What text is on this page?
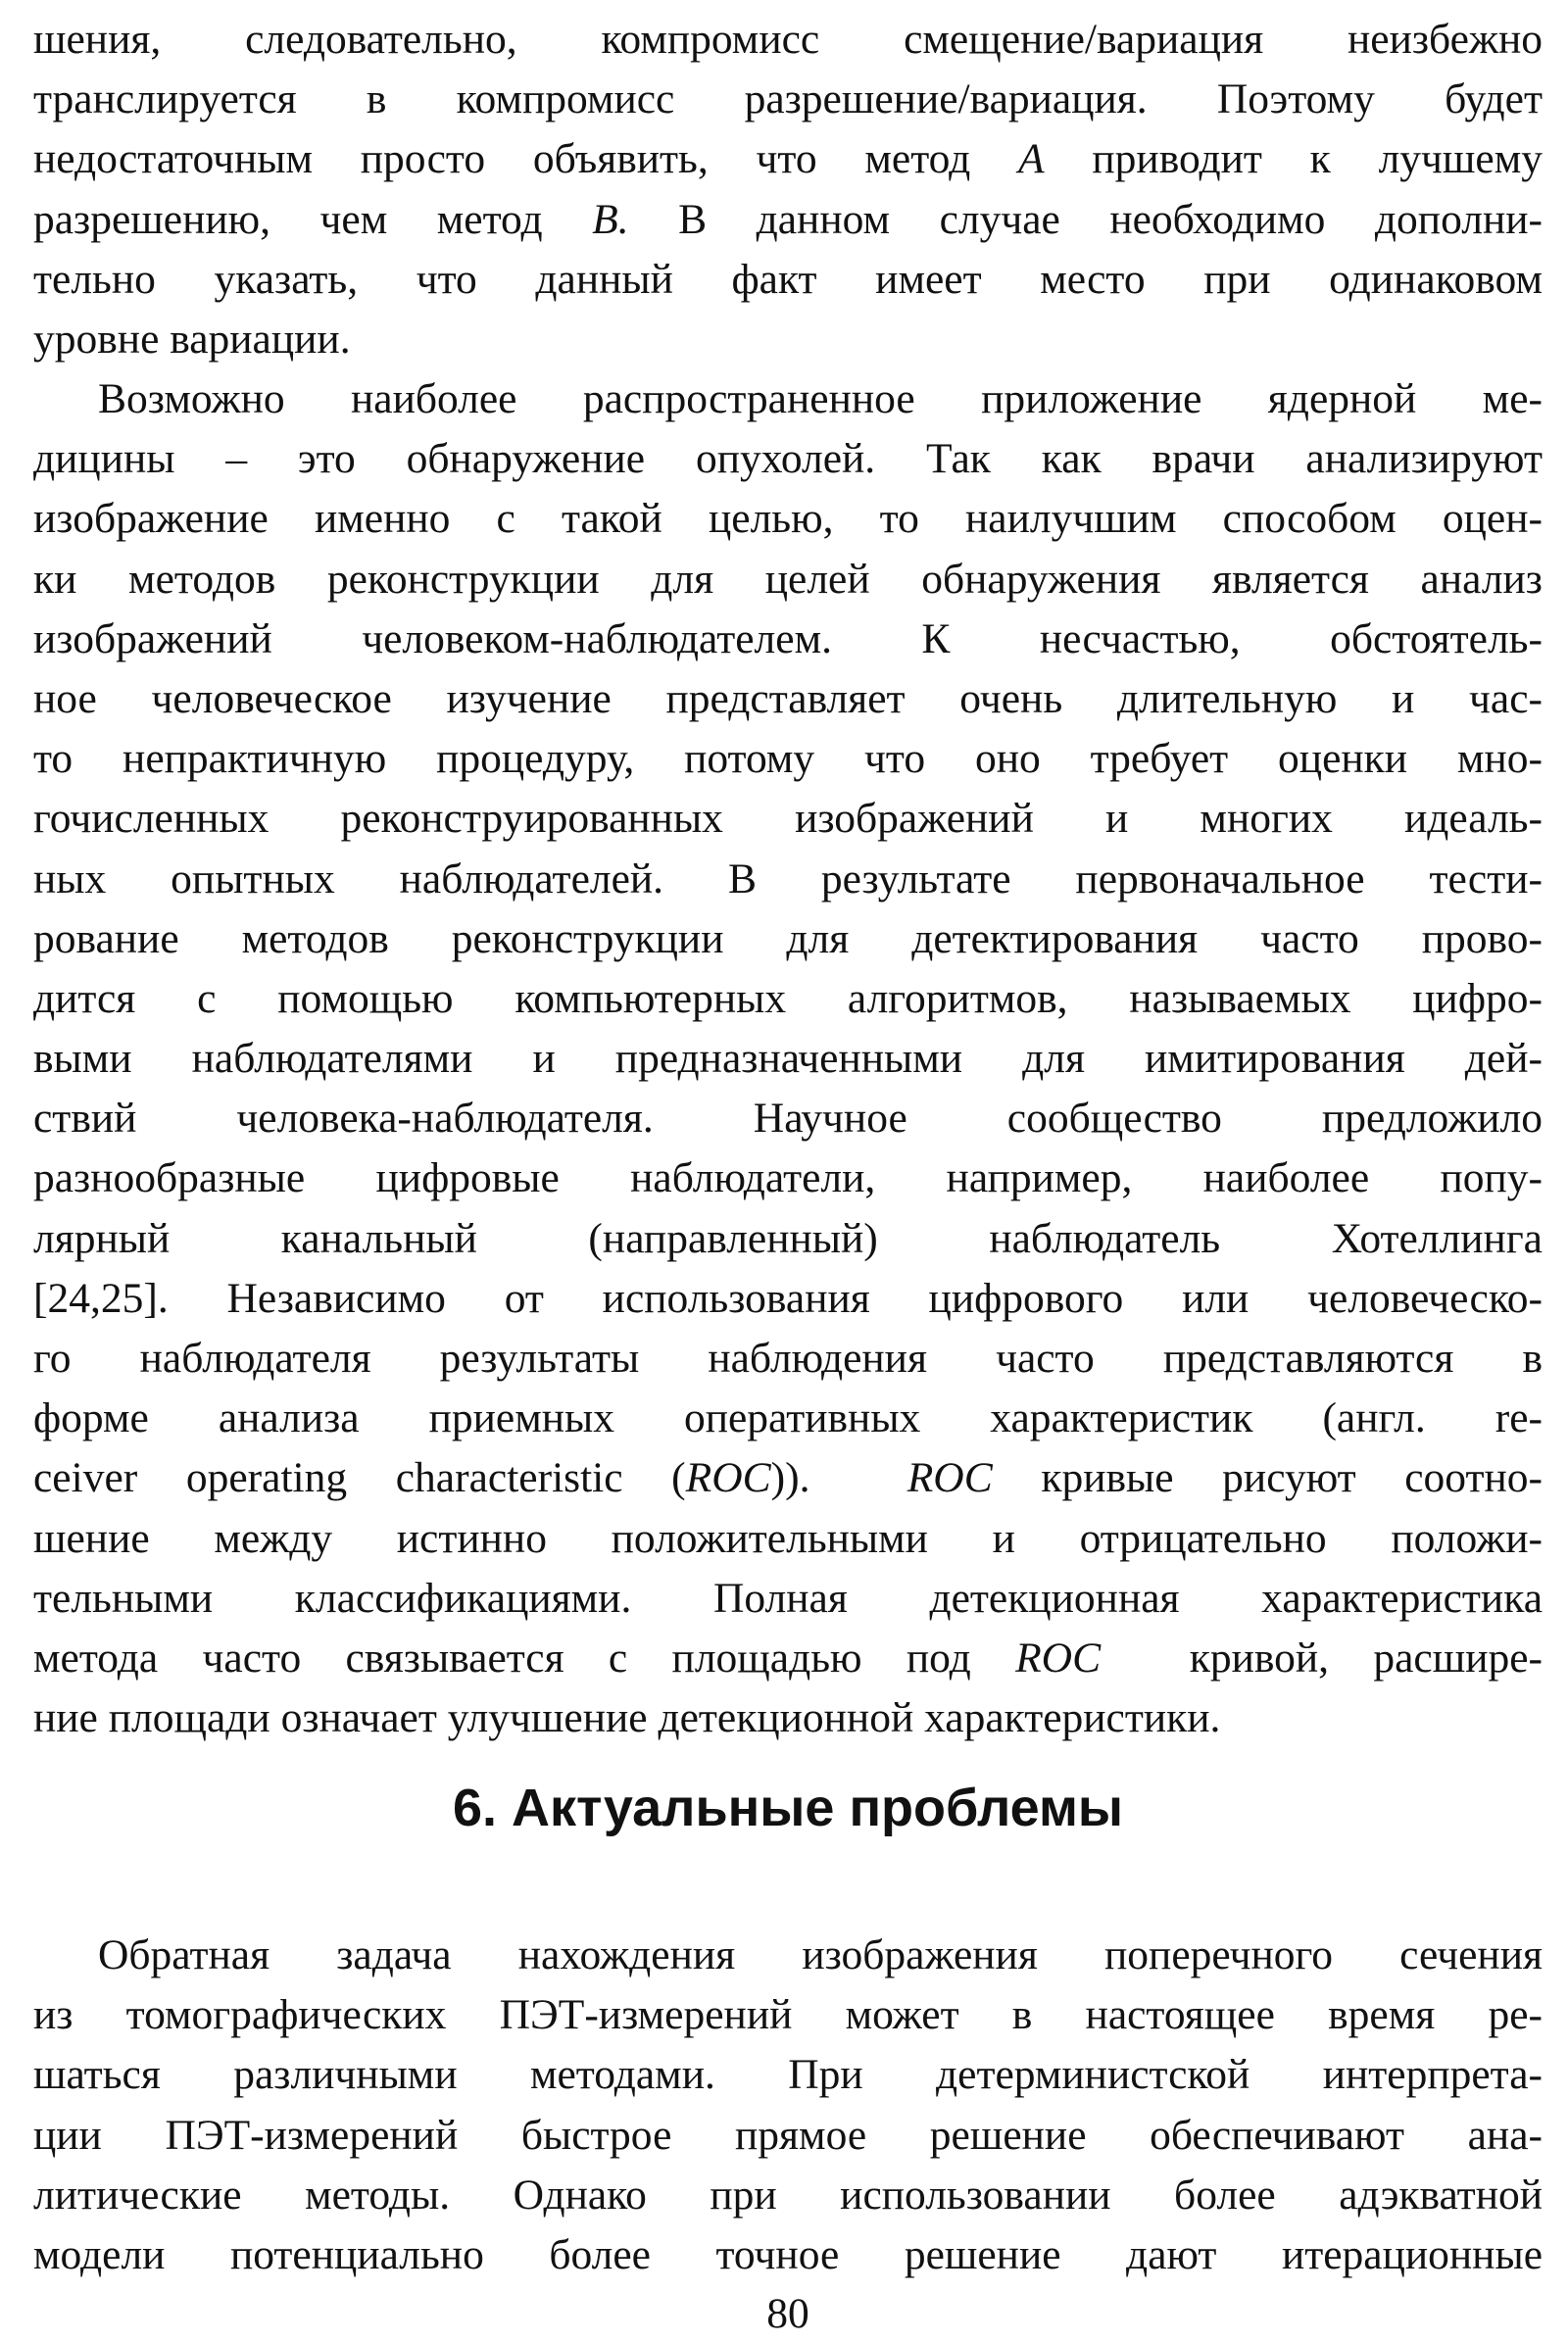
шения, следовательно, компромисс смещение/вариация неизбежно
транслируется в компромисс разрешение/вариация. Поэтому будет
недостаточным просто объявить, что метод A приводит к лучшему
разрешению, чем метод B. В данном случае необходимо дополни-
тельно указать, что данный факт имеет место при одинаковом
уровне вариации.
Возможно наиболее распространенное приложение ядерной ме-
дицины – это обнаружение опухолей. Так как врачи анализируют
изображение именно с такой целью, то наилучшим способом оцен-
ки методов реконструкции для целей обнаружения является анализ
изображений человеком-наблюдателем. К несчастью, обстоятель-
ное человеческое изучение представляет очень длительную и час-
то непрактичную процедуру, потому что оно требует оценки мно-
гочисленных реконструированных изображений и многих идеаль-
ных опытных наблюдателей. В результате первоначальное тести-
рование методов реконструкции для детектирования часто прово-
дится с помощью компьютерных алгоритмов, называемых цифро-
выми наблюдателями и предназначенными для имитирования дей-
ствий человека-наблюдателя. Научное сообщество предложило
разнообразные цифровые наблюдатели, например, наиболее попу-
лярный канальный (направленный) наблюдатель Хотеллинга
[24,25]. Независимо от использования цифрового или человеческо-
го наблюдателя результаты наблюдения часто представляются в
форме анализа приемных оперативных характеристик (англ. re-
ceiver operating characteristic (ROC)). ROC кривые рисуют соотно-
шение между истинно положительными и отрицательно положи-
тельными классификациями. Полная детекционная характеристика
метода часто связывается с площадью под ROC кривой, расшире-
ние площади означает улучшение детекционной характеристики.
6. Актуальные проблемы
Обратная задача нахождения изображения поперечного сечения
из томографических ПЭТ-измерений может в настоящее время ре-
шаться различными методами. При детерминистской интерпрета-
ции ПЭТ-измерений быстрое прямое решение обеспечивают ана-
литические методы. Однако при использовании более адэкватной
модели потенциально более точное решение дают итерационные
80
